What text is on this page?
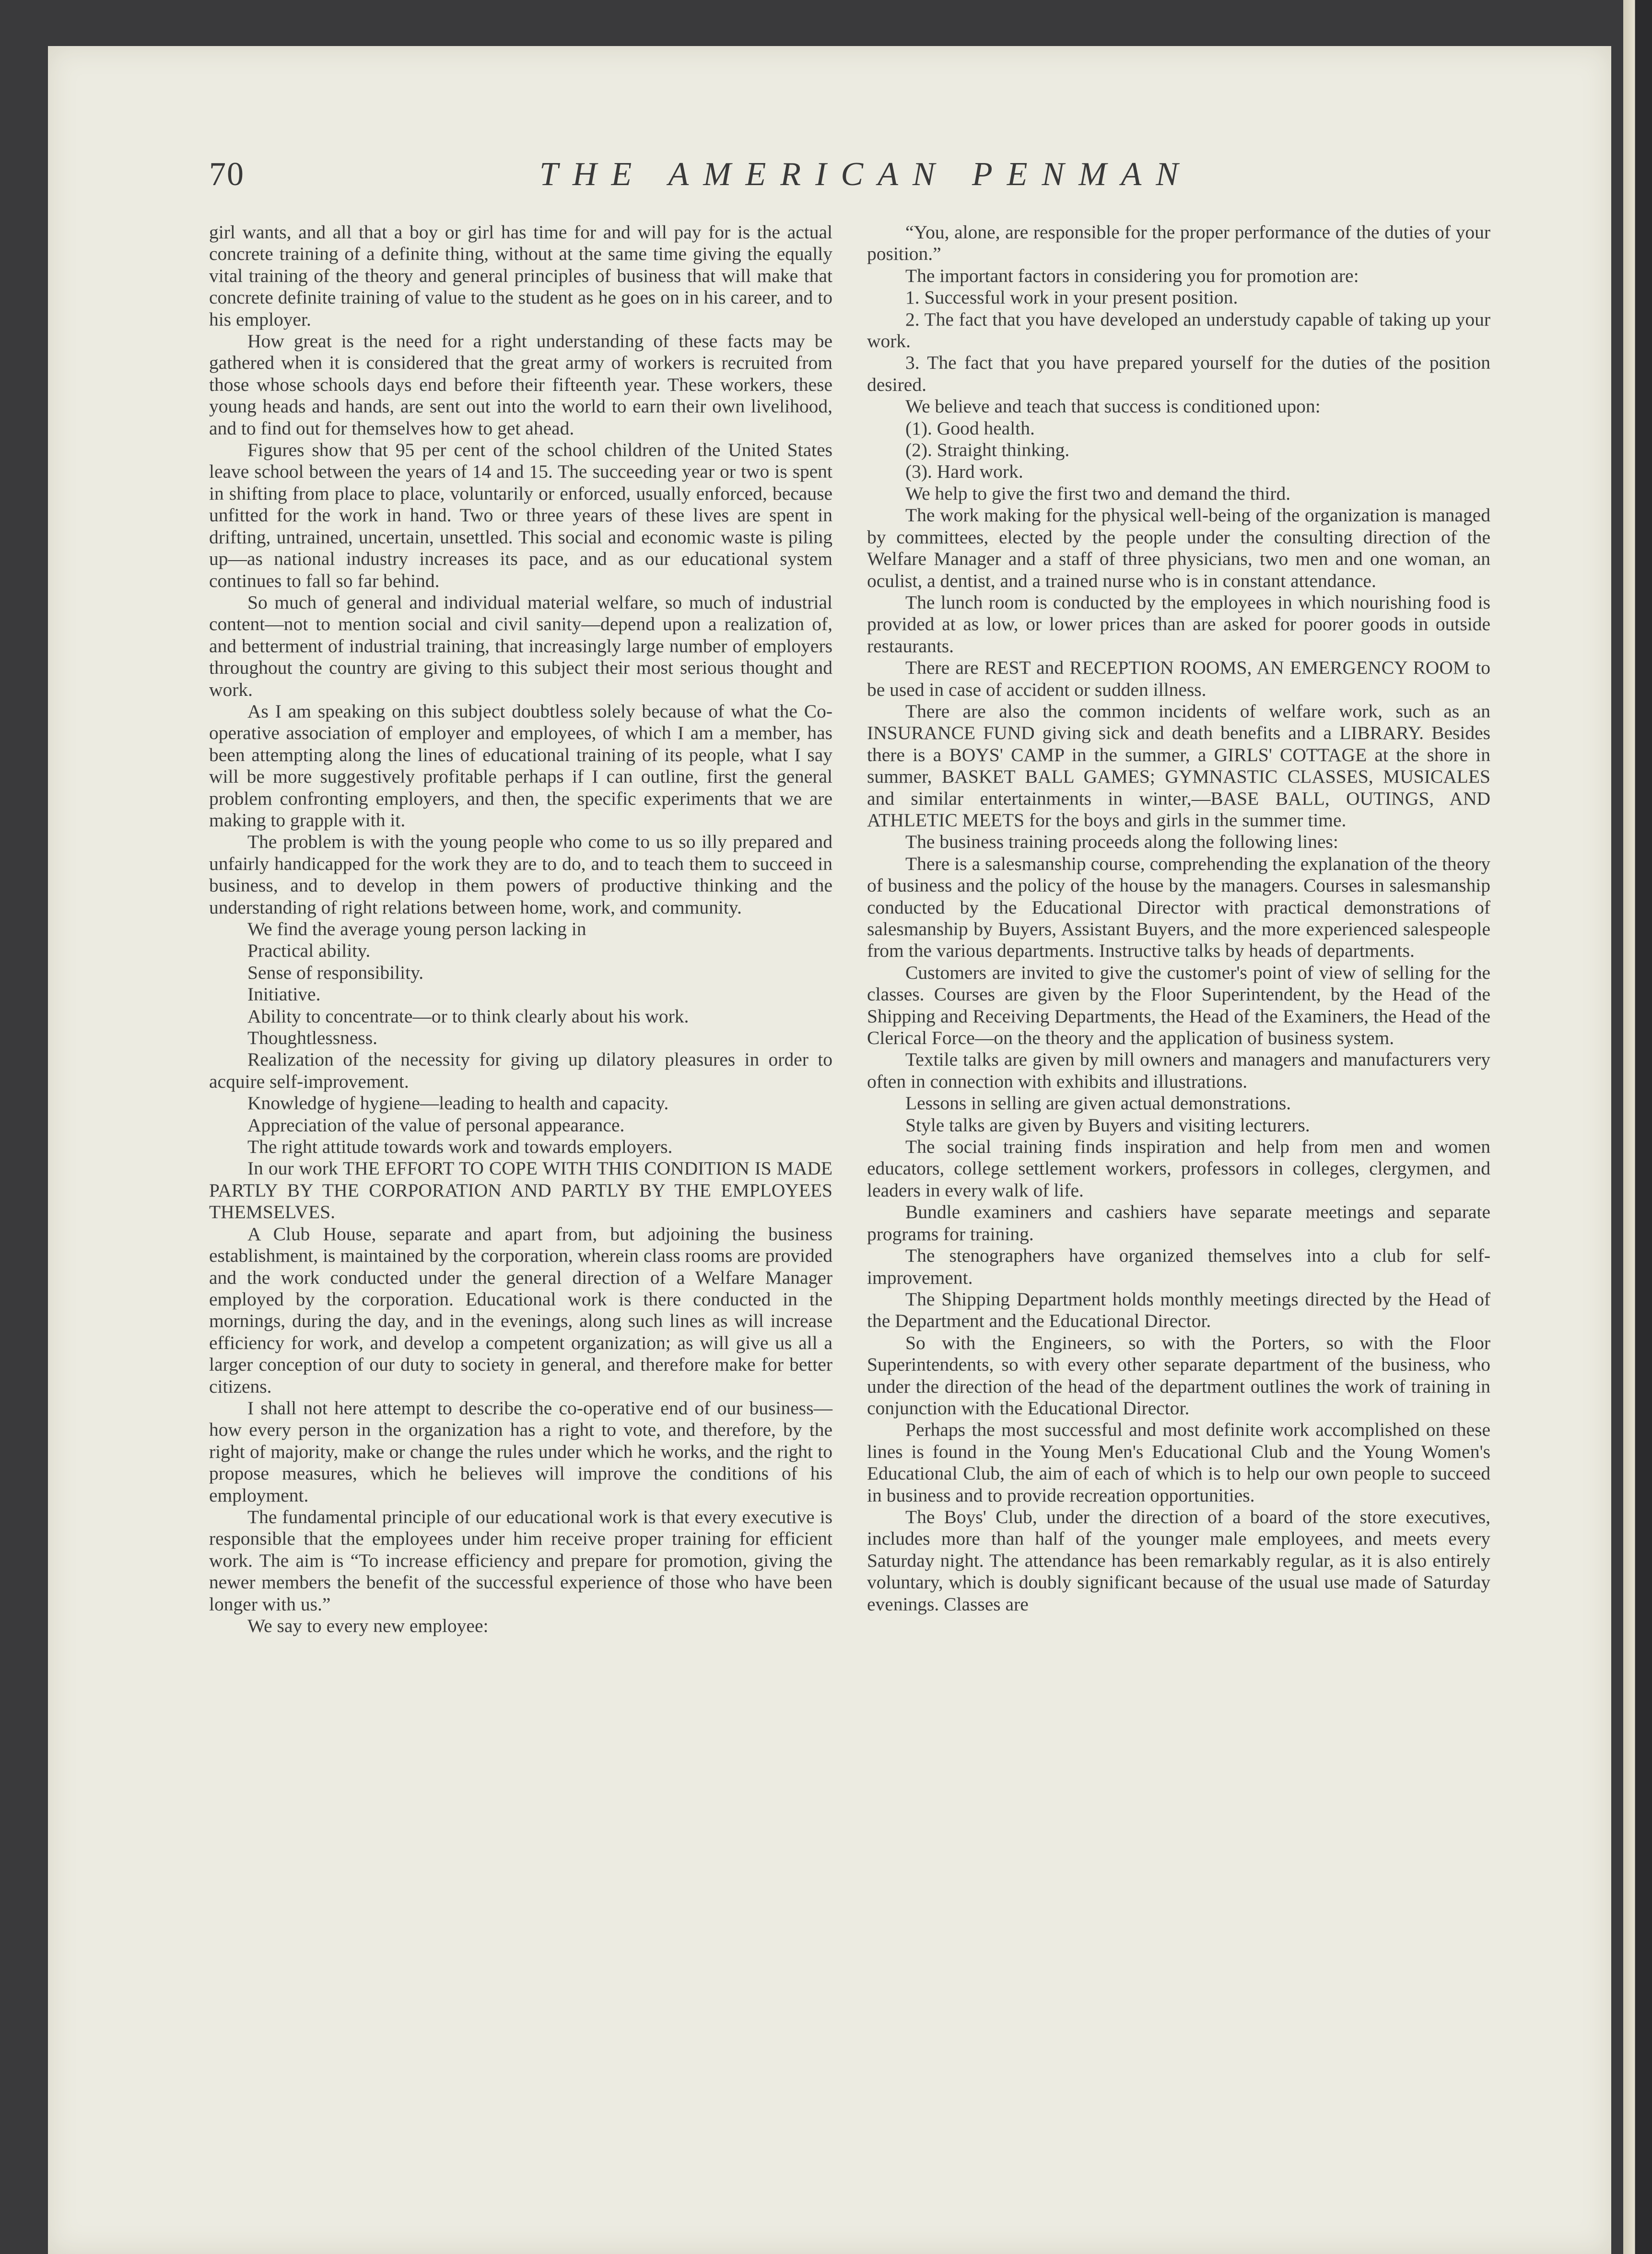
70	THE AMERICAN PENMAN

girl wants, and all that a boy or girl has time for and will pay for is the actual concrete training of a definite thing, without at the same time giving the equally vital training of the theory and general principles of business that will make that concrete definite training of value to the student as he goes on in his career, and to his employer.

How great is the need for a right understanding of these facts may be gathered when it is considered that the great army of workers is recruited from those whose schools days end before their fifteenth year. These workers, these young heads and hands, are sent out into the world to earn their own livelihood, and to find out for themselves how to get ahead.

Figures show that 95 per cent of the school children of the United States leave school between the years of 14 and 15. The succeeding year or two is spent in shifting from place to place, voluntarily or enforced, usually enforced, because unfitted for the work in hand. Two or three years of these lives are spent in drifting, untrained, uncertain, unsettled. This social and economic waste is piling up—as national industry increases its pace, and as our educational system continues to fall so far behind.

So much of general and individual material welfare, so much of industrial content—not to mention social and civil sanity—depend upon a realization of, and betterment of industrial training, that increasingly large number of employers throughout the country are giving to this subject their most serious thought and work.

As I am speaking on this subject doubtless solely because of what the Co-operative association of employer and employees, of which I am a member, has been attempting along the lines of educational training of its people, what I say will be more suggestively profitable perhaps if I can outline, first the general problem confronting employers, and then, the specific experiments that we are making to grapple with it.

The problem is with the young people who come to us so illy prepared and unfairly handicapped for the work they are to do, and to teach them to succeed in business, and to develop in them powers of productive thinking and the understanding of right relations between home, work, and community.

We find the average young person lacking in

Practical ability.

Sense of responsibility.

Initiative.

Ability to concentrate—or to think clearly about his work.

Thoughtlessness.

Realization of the necessity for giving up dilatory pleasures in order to acquire self-improvement.

Knowledge of hygiene—leading to health and capacity.

Appreciation of the value of personal appearance.

The right attitude towards work and towards employers.

In our work THE EFFORT TO COPE WITH THIS CONDITION IS MADE PARTLY BY THE CORPORATION AND PARTLY BY THE EMPLOYEES THEMSELVES.

A Club House, separate and apart from, but adjoining the business establishment, is maintained by the corporation, wherein class rooms are provided and the work conducted under the general direction of a Welfare Manager employed by the corporation. Educational work is there conducted in the mornings, during the day, and in the evenings, along such lines as will increase efficiency for work, and develop a competent organization; as will give us all a larger conception of our duty to society in general, and therefore make for better citizens.

I shall not here attempt to describe the co-operative end of our business—how every person in the organization has a right to vote, and therefore, by the right of majority, make or change the rules under which he works, and the right to propose measures, which he believes will improve the conditions of his employment.

The fundamental principle of our educational work is that every executive is responsible that the employees under him receive proper training for efficient work. The aim is “To increase efficiency and prepare for promotion, giving the newer members the benefit of the successful experience of those who have been longer with us.”

We say to every new employee:

“You, alone, are responsible for the proper performance of the duties of your position.”

The important factors in considering you for promotion are:

1. Successful work in your present position.

2. The fact that you have developed an understudy capable of taking up your work.

3. The fact that you have prepared yourself for the duties of the position desired.

We believe and teach that success is conditioned upon:

(1). Good health.

(2). Straight thinking.

(3). Hard work.

We help to give the first two and demand the third.

The work making for the physical well-being of the organization is managed by committees, elected by the people under the consulting direction of the Welfare Manager and a staff of three physicians, two men and one woman, an oculist, a dentist, and a trained nurse who is in constant attendance.

The lunch room is conducted by the employees in which nourishing food is provided at as low, or lower prices than are asked for poorer goods in outside restaurants.

There are REST and RECEPTION ROOMS, AN EMERGENCY ROOM to be used in case of accident or sudden illness.

There are also the common incidents of welfare work, such as an INSURANCE FUND giving sick and death benefits and a LIBRARY. Besides there is a BOYS' CAMP in the summer, a GIRLS' COTTAGE at the shore in summer, BASKET BALL GAMES; GYMNASTIC CLASSES, MUSICALES and similar entertainments in winter,—BASE BALL, OUTINGS, AND ATHLETIC MEETS for the boys and girls in the summer time.

The business training proceeds along the following lines:

There is a salesmanship course, comprehending the explanation of the theory of business and the policy of the house by the managers. Courses in salesmanship conducted by the Educational Director with practical demonstrations of salesmanship by Buyers, Assistant Buyers, and the more experienced salespeople from the various departments. Instructive talks by heads of departments.

Customers are invited to give the customer's point of view of selling for the classes. Courses are given by the Floor Superintendent, by the Head of the Shipping and Receiving Departments, the Head of the Examiners, the Head of the Clerical Force—on the theory and the application of business system.

Textile talks are given by mill owners and managers and manufacturers very often in connection with exhibits and illustrations.

Lessons in selling are given actual demonstrations.

Style talks are given by Buyers and visiting lecturers.

The social training finds inspiration and help from men and women educators, college settlement workers, professors in colleges, clergymen, and leaders in every walk of life.

Bundle examiners and cashiers have separate meetings and separate programs for training.

The stenographers have organized themselves into a club for self-improvement.

The Shipping Department holds monthly meetings directed by the Head of the Department and the Educational Director.

So with the Engineers, so with the Porters, so with the Floor Superintendents, so with every other separate department of the business, who under the direction of the head of the department outlines the work of training in conjunction with the Educational Director.

Perhaps the most successful and most definite work accomplished on these lines is found in the Young Men's Educational Club and the Young Women's Educational Club, the aim of each of which is to help our own people to succeed in business and to provide recreation opportunities.

The Boys' Club, under the direction of a board of the store executives, includes more than half of the younger male employees, and meets every Saturday night. The attendance has been remarkably regular, as it is also entirely voluntary, which is doubly significant because of the usual use made of Saturday evenings. Classes are
